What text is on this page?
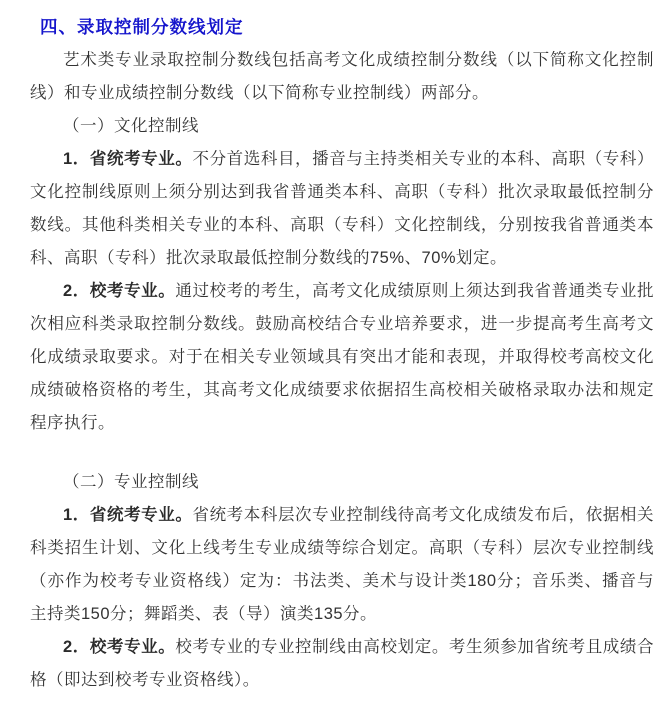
四、录取控制分数线划定

艺术类专业录取控制分数线包括高考文化成绩控制分数线（以下简称文化控制线）和专业成绩控制分数线（以下简称专业控制线）两部分。

（一）文化控制线

1．省统考专业。不分首选科目，播音与主持类相关专业的本科、高职（专科）文化控制线原则上须分别达到我省普通类本科、高职（专科）批次录取最低控制分数线。其他科类相关专业的本科、高职（专科）文化控制线，分别按我省普通类本科、高职（专科）批次录取最低控制分数线的75%、70%划定。

2．校考专业。通过校考的考生，高考文化成绩原则上须达到我省普通类专业批次相应科类录取控制分数线。鼓励高校结合专业培养要求，进一步提高考生高考文化成绩录取要求。对于在相关专业领域具有突出才能和表现，并取得校考高校文化成绩破格资格的考生，其高考文化成绩要求依据招生高校相关破格录取办法和规定程序执行。

（二）专业控制线

1．省统考专业。省统考本科层次专业控制线待高考文化成绩发布后，依据相关科类招生计划、文化上线考生专业成绩等综合划定。高职（专科）层次专业控制线（亦作为校考专业资格线）定为：书法类、美术与设计类180分；音乐类、播音与主持类150分；舞蹈类、表（导）演类135分。

2．校考专业。校考专业的专业控制线由高校划定。考生须参加省统考且成绩合格（即达到校考专业资格线）。
